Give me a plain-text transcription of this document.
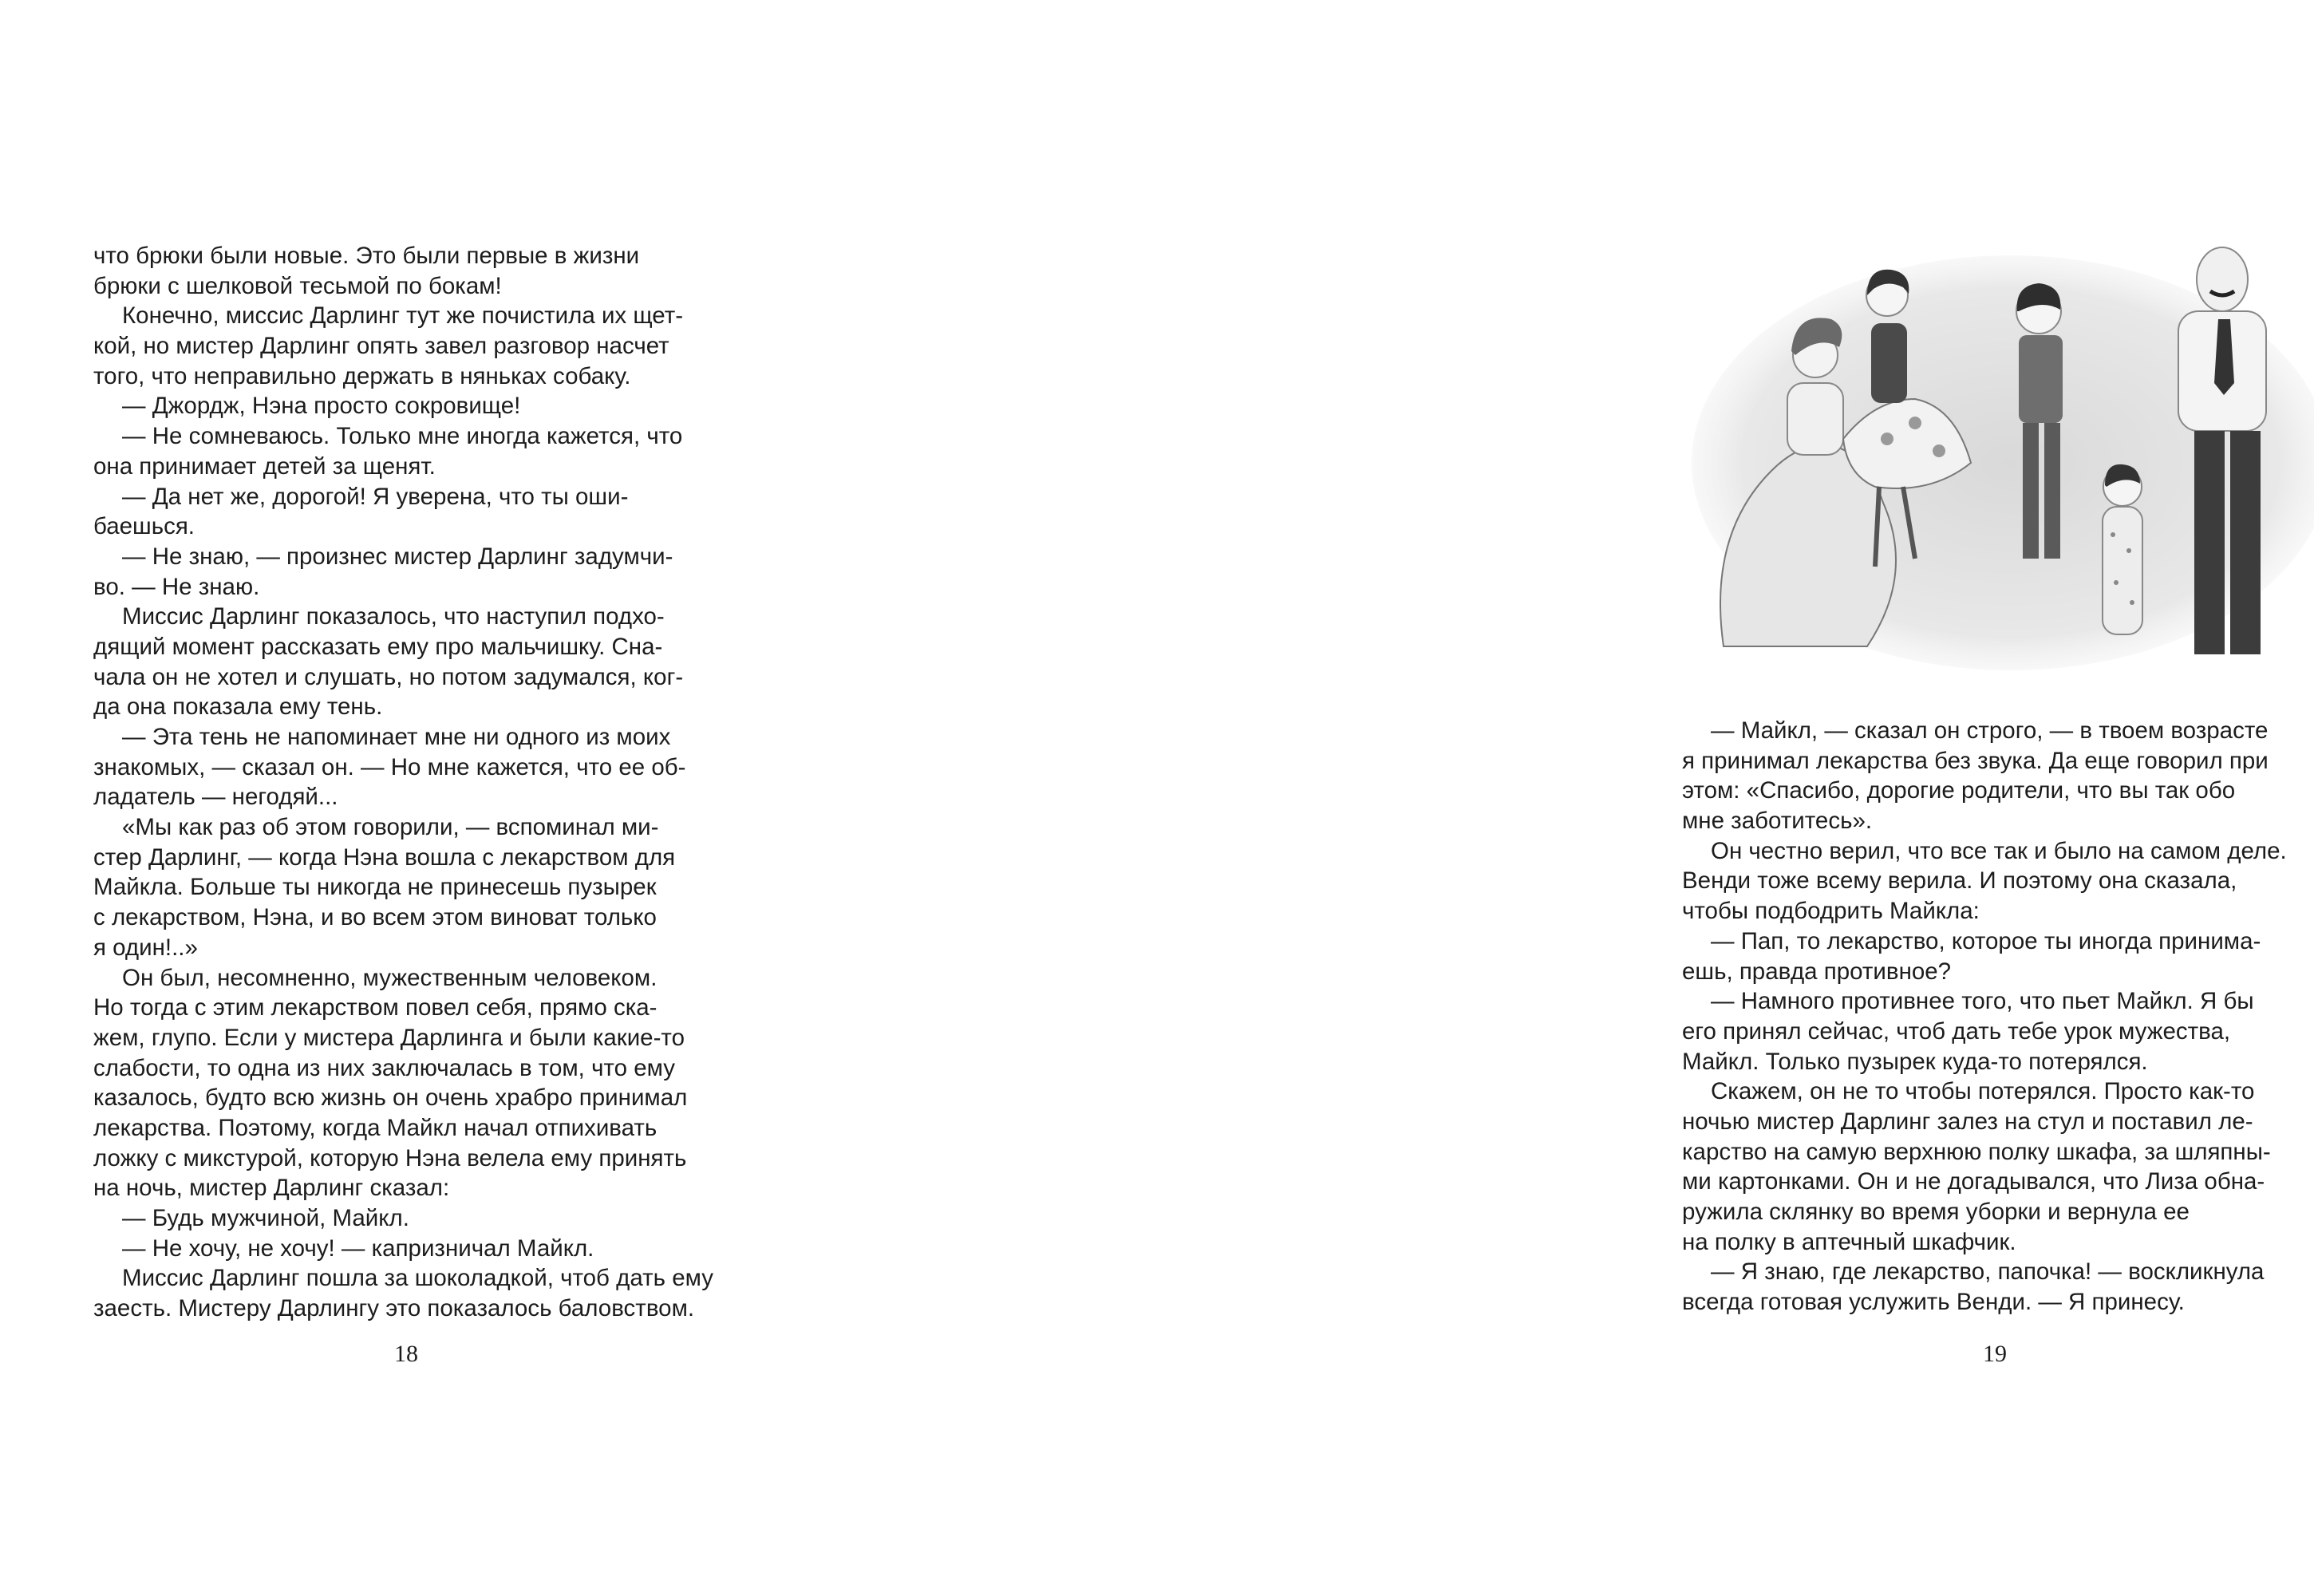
что брюки были новые. Это были первые в жизни
брюки с шелковой тесьмой по бокам!
Конечно, миссис Дарлинг тут же почистила их щет-
кой, но мистер Дарлинг опять завел разговор насчет
того, что неправильно держать в няньках собаку.
— Джордж, Нэна просто сокровище!
— Не сомневаюсь. Только мне иногда кажется, что
она принимает детей за щенят.
— Да нет же, дорогой! Я уверена, что ты оши-
баешься.
— Не знаю, — произнес мистер Дарлинг задумчи-
во. — Не знаю.
Миссис Дарлинг показалось, что наступил подхо-
дящий момент рассказать ему про мальчишку. Сна-
чала он не хотел и слушать, но потом задумался, ког-
да она показала ему тень.
— Эта тень не напоминает мне ни одного из моих
знакомых, — сказал он. — Но мне кажется, что ее об-
ладатель — негодяй...
«Мы как раз об этом говорили, — вспоминал ми-
стер Дарлинг, — когда Нэна вошла с лекарством для
Майкла. Больше ты никогда не принесешь пузырек
с лекарством, Нэна, и во всем этом виноват только
я один!..»
Он был, несомненно, мужественным человеком.
Но тогда с этим лекарством повел себя, прямо ска-
жем, глупо. Если у мистера Дарлинга и были какие-то
слабости, то одна из них заключалась в том, что ему
казалось, будто всю жизнь он очень храбро принимал
лекарства. Поэтому, когда Майкл начал отпихивать
ложку с микстурой, которую Нэна велела ему принять
на ночь, мистер Дарлинг сказал:
— Будь мужчиной, Майкл.
— Не хочу, не хочу! — капризничал Майкл.
Миссис Дарлинг пошла за шоколадкой, чтоб дать ему
заесть. Мистеру Дарлингу это показалось баловством.
18
— Майкл, — сказал он строго, — в твоем возрасте
я принимал лекарства без звука. Да еще говорил при
этом: «Спасибо, дорогие родители, что вы так обо
мне заботитесь».
Он честно верил, что все так и было на самом деле.
Венди тоже всему верила. И поэтому она сказала,
чтобы подбодрить Майкла:
— Пап, то лекарство, которое ты иногда принима-
ешь, правда противное?
— Намного противнее того, что пьет Майкл. Я бы
его принял сейчас, чтоб дать тебе урок мужества,
Майкл. Только пузырек куда-то потерялся.
Скажем, он не то чтобы потерялся. Просто как-то
ночью мистер Дарлинг залез на стул и поставил ле-
карство на самую верхнюю полку шкафа, за шляпны-
ми картонками. Он и не догадывался, что Лиза обна-
ружила склянку во время уборки и вернула ее
на полку в аптечный шкафчик.
— Я знаю, где лекарство, папочка! — воскликнула
всегда готовая услужить Венди. — Я принесу.
19
